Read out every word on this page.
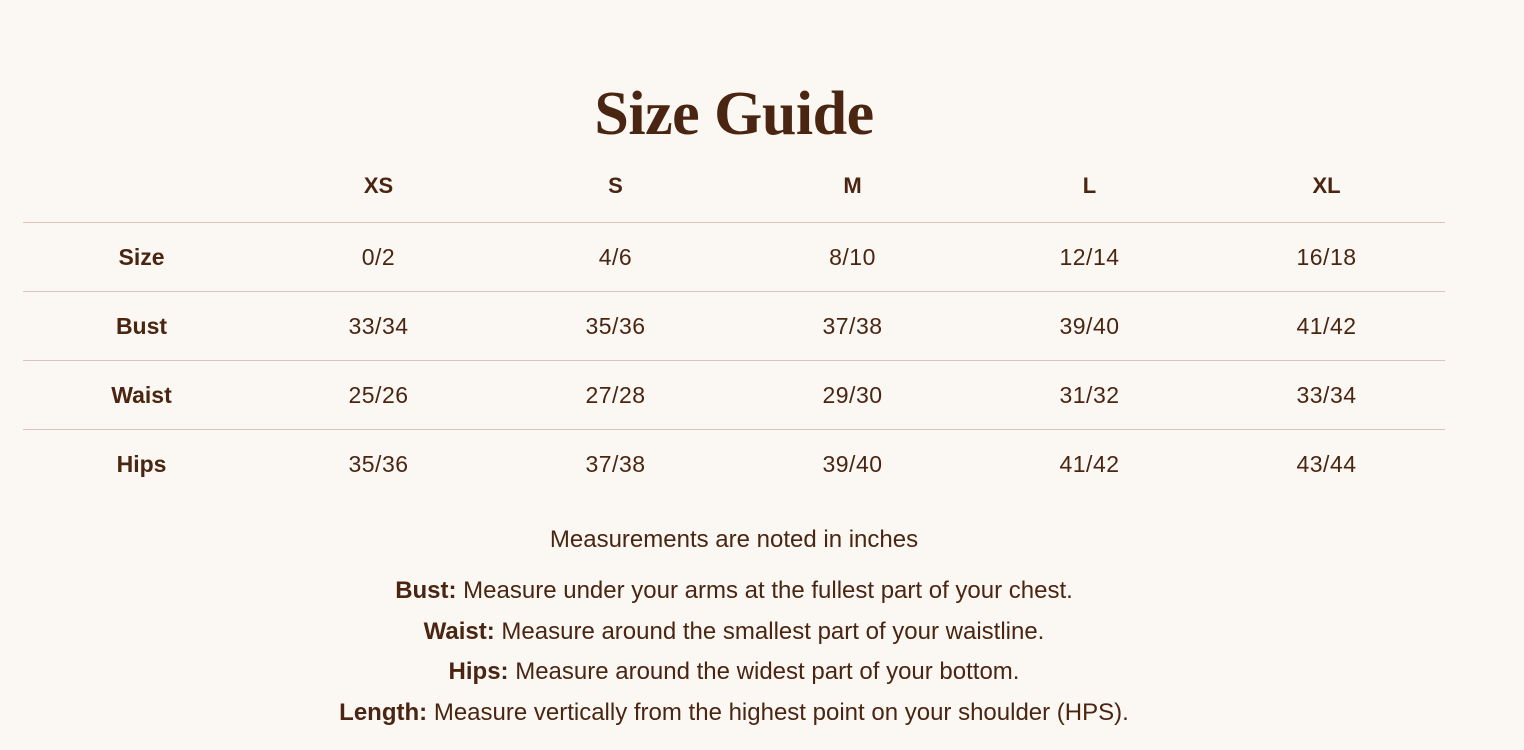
Size Guide
	XS	S	M	L	XL
Size	0/2	4/6	8/10	12/14	16/18
Bust	33/34	35/36	37/38	39/40	41/42
Waist	25/26	27/28	29/30	31/32	33/34
Hips	35/36	37/38	39/40	41/42	43/44

Measurements are noted in inches

Bust: Measure under your arms at the fullest part of your chest.
Waist: Measure around the smallest part of your waistline.
Hips: Measure around the widest part of your bottom.
Length: Measure vertically from the highest point on your shoulder (HPS).
